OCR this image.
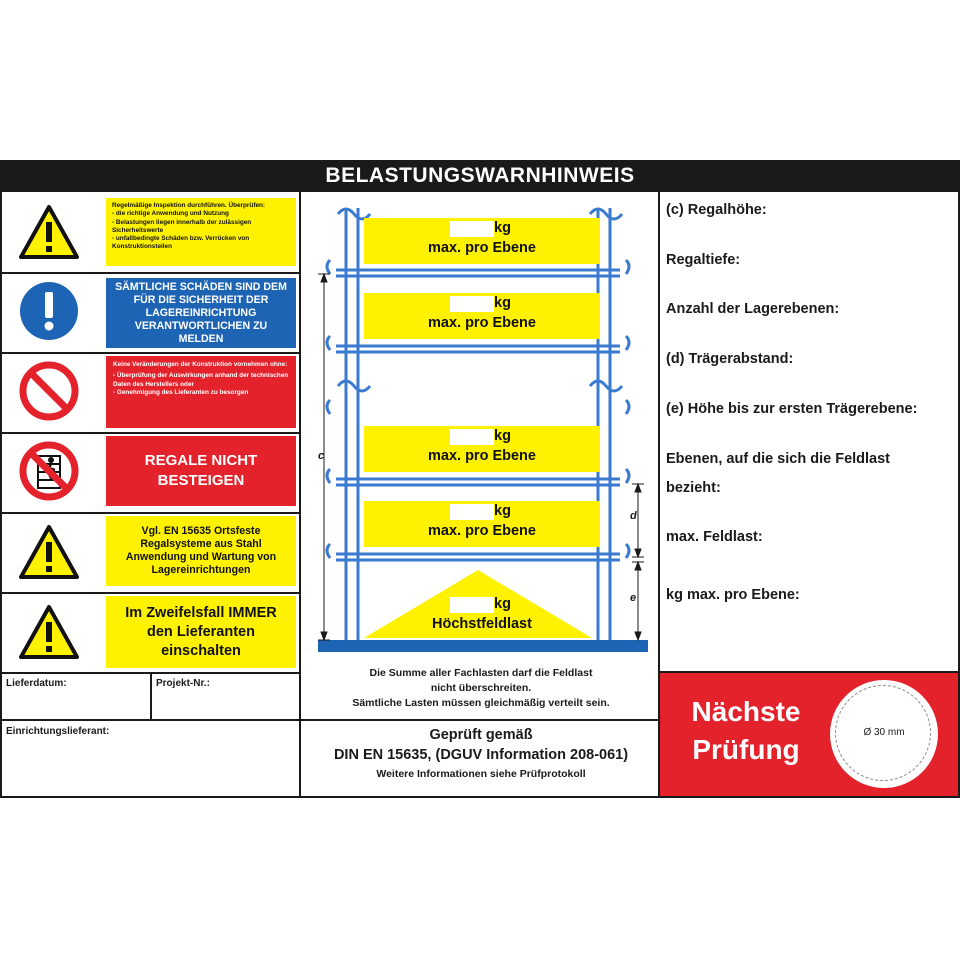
BELASTUNGSWARNHINWEIS
Regelmäßige Inspektion durchführen. Überprüfen:
- die richtige Anwendung und Nutzung
- Belastungen liegen innerhalb der zulässigen Sicherheitswerte
- unfallbedingte Schäden bzw. Verrücken von Konstruktionsteilen
SÄMTLICHE SCHÄDEN SIND DEM FÜR DIE SICHERHEIT DER LAGEREINRICHTUNG VERANTWORTLICHEN ZU MELDEN
Keine Veränderungen der Konstruktion vornehmen ohne:
- Überprüfung der Auswirkungen anhand der technischen Daten des Herstellers oder
- Genehmigung des Lieferanten zu besorgen
REGALE NICHT BESTEIGEN
Vgl. EN 15635 Ortsfeste Regalsysteme aus Stahl Anwendung und Wartung von Lagereinrichtungen
Im Zweifelsfall IMMER den Lieferanten einschalten
Lieferdatum:	Projekt-Nr.:
Einrichtungslieferant:
c
d
e
kg
max. pro Ebene
kg
max. pro Ebene
kg
max. pro Ebene
kg
max. pro Ebene
kg
Höchstfeldlast
Die Summe aller Fachlasten darf die Feldlast
nicht überschreiten.
Sämtliche Lasten müssen gleichmäßig verteilt sein.
Geprüft gemäß
DIN EN 15635, (DGUV Information 208-061)
Weitere Informationen siehe Prüfprotokoll
(c) Regalhöhe:
Regaltiefe:
Anzahl der Lagerebenen:
(d) Trägerabstand:
(e) Höhe bis zur ersten Trägerebene:
Ebenen, auf die sich die Feldlast
bezieht:
max. Feldlast:
kg max. pro Ebene:
Nächste
Prüfung
Ø 30 mm
